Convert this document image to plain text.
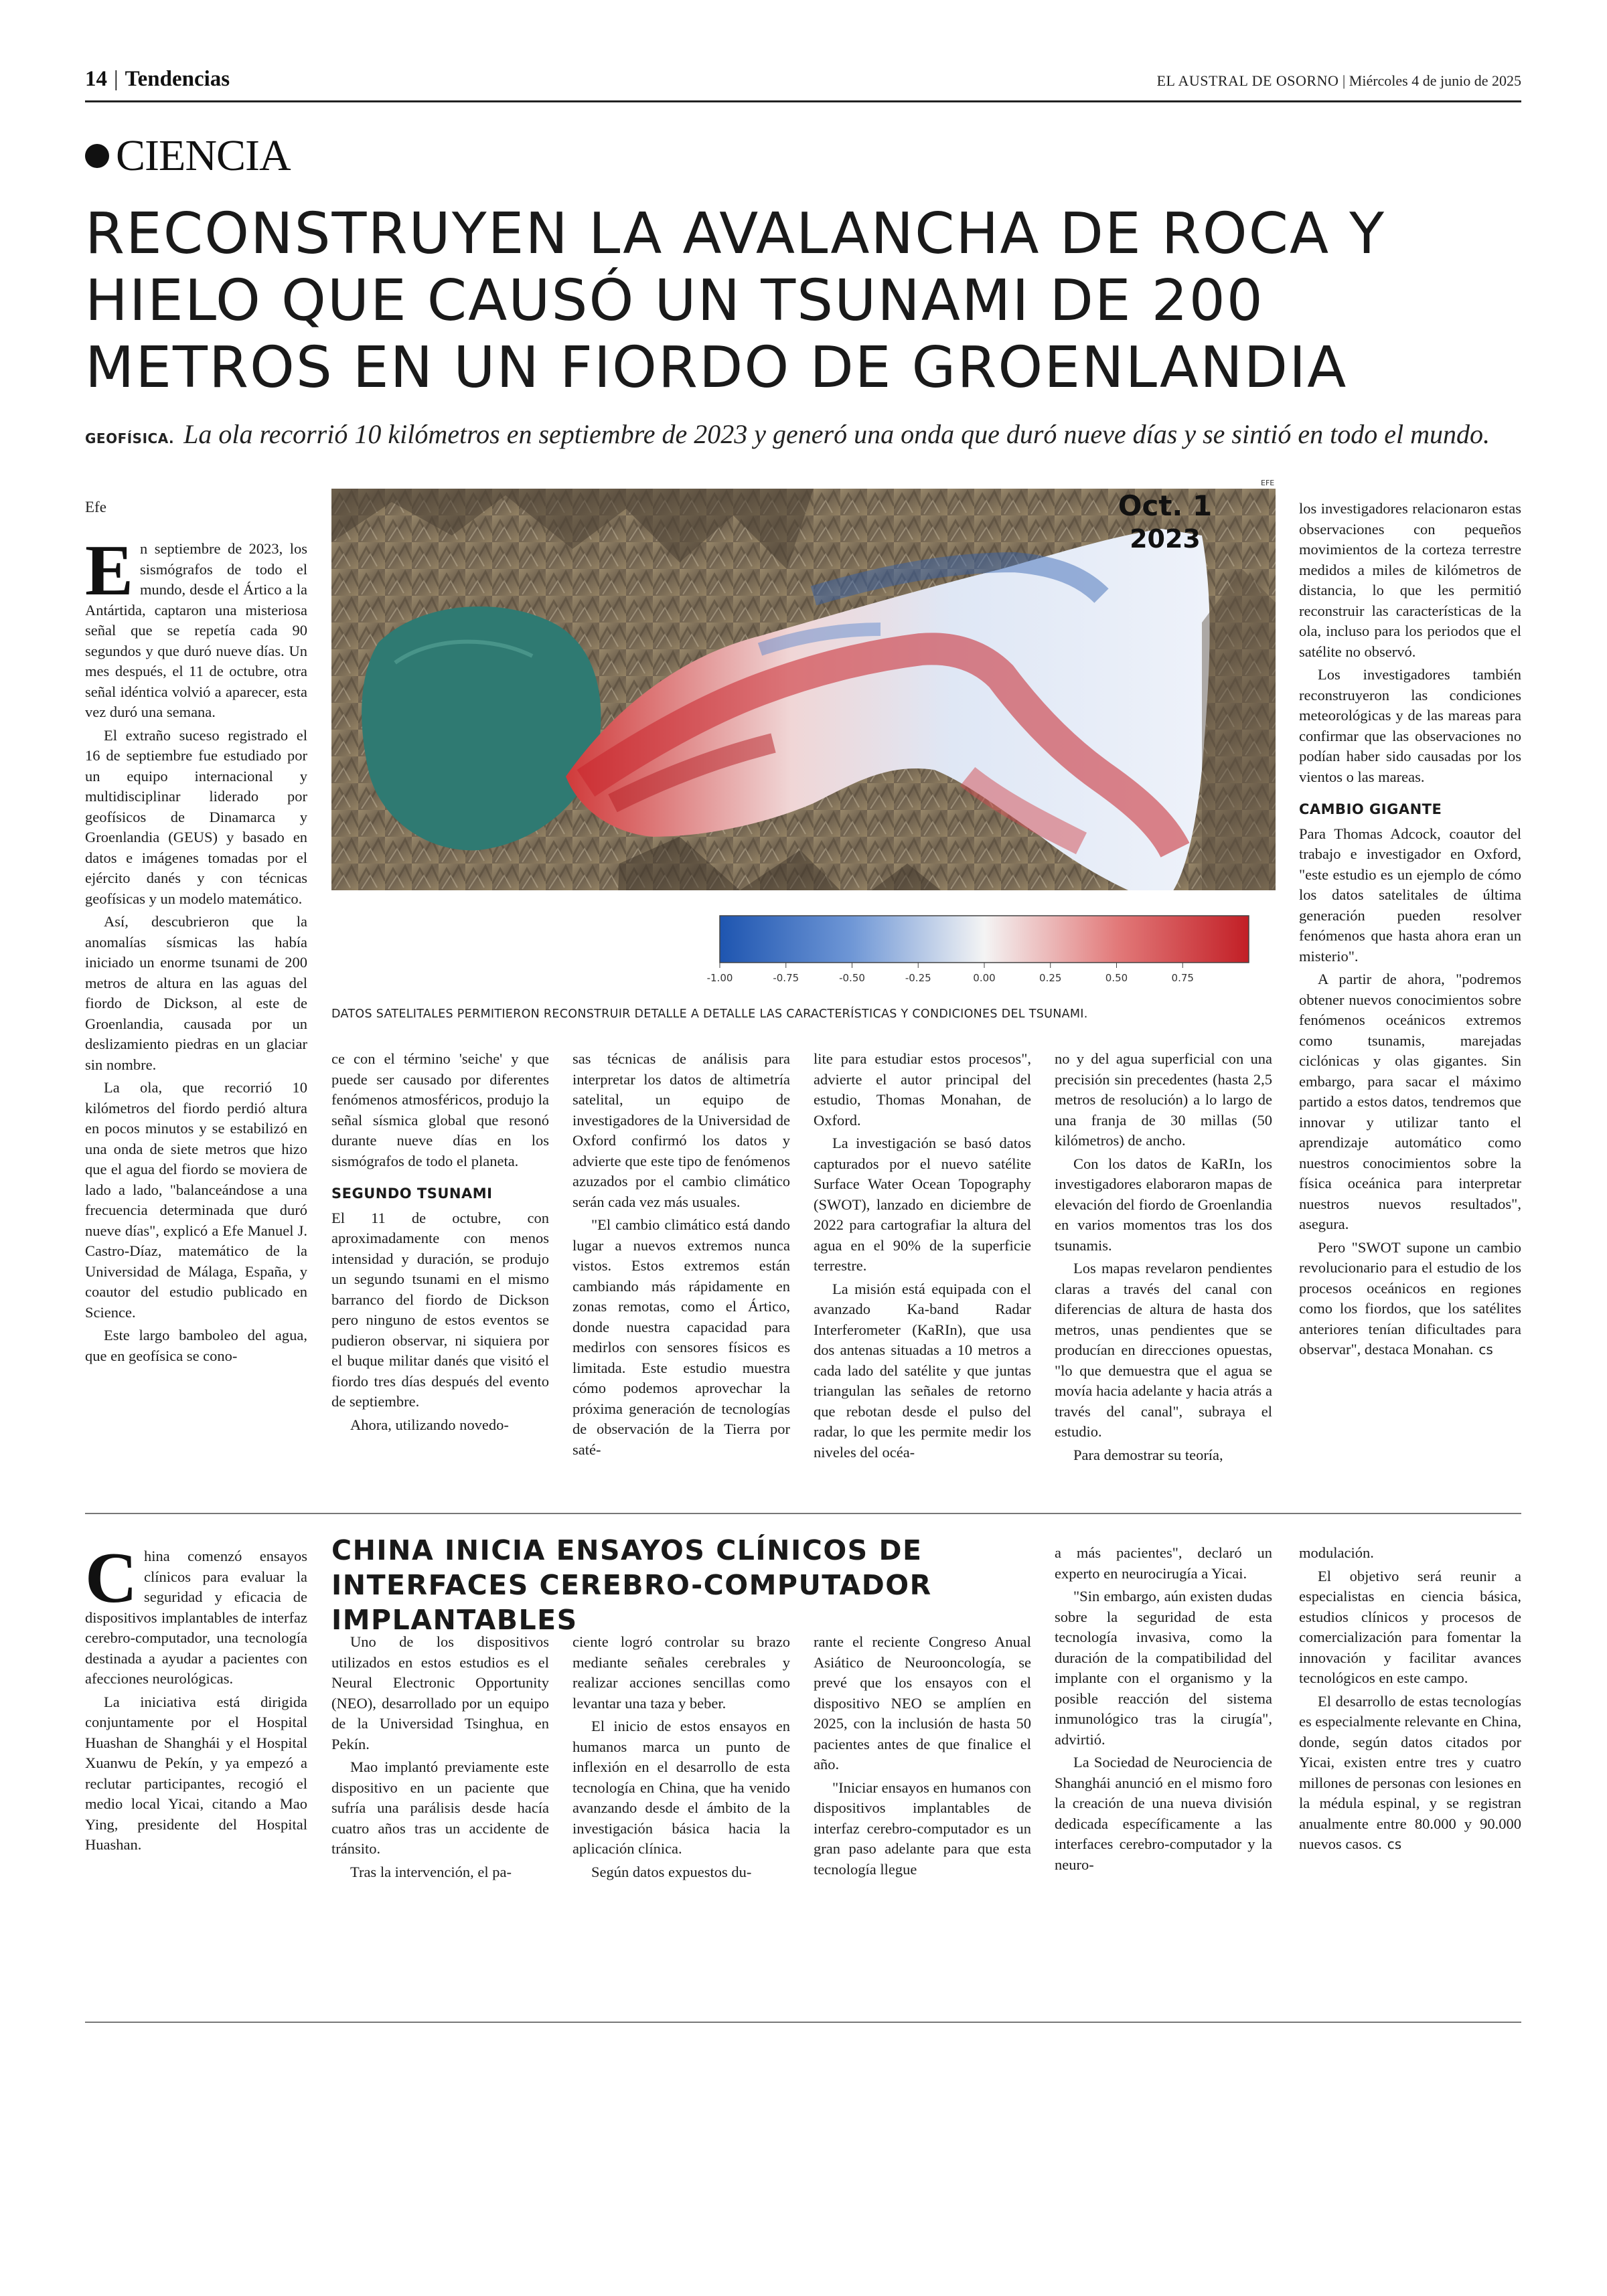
14 | Tendencias	EL AUSTRAL DE OSORNO | Miércoles 4 de junio de 2025
CIENCIA
RECONSTRUYEN LA AVALANCHA DE ROCA Y HIELO QUE CAUSÓ UN TSUNAMI DE 200 METROS EN UN FIORDO DE GROENLANDIA
GEOFÍSICA. La ola recorrió 10 kilómetros en septiembre de 2023 y generó una onda que duró nueve días y se sintió en todo el mundo.
Efe
EFE
Oct. 1
2023
-1.00	-0.75	-0.50	-0.25	0.00	0.25	0.50	0.75
DATOS SATELITALES PERMITIERON RECONSTRUIR DETALLE A DETALLE LAS CARACTERÍSTICAS Y CONDICIONES DEL TSUNAMI.

En septiembre de 2023, los sismógrafos de todo el mundo, desde el Ártico a la Antártida, captaron una misteriosa señal que se repetía cada 90 segundos y que duró nueve días. Un mes después, el 11 de octubre, otra señal idéntica volvió a aparecer, esta vez duró una semana.

El extraño suceso registrado el 16 de septiembre fue estudiado por un equipo internacional y multidisciplinar liderado por geofísicos de Dinamarca y Groenlandia (GEUS) y basado en datos e imágenes tomadas por el ejército danés y con técnicas geofísicas y un modelo matemático.

Así, descubrieron que la anomalías sísmicas las había iniciado un enorme tsunami de 200 metros de altura en las aguas del fiordo de Dickson, al este de Groenlandia, causada por un deslizamiento piedras en un glaciar sin nombre.

La ola, que recorrió 10 kilómetros del fiordo perdió altura en pocos minutos y se estabilizó en una onda de siete metros que hizo que el agua del fiordo se moviera de lado a lado, "balanceándose a una frecuencia determinada que duró nueve días", explicó a Efe Manuel J. Castro-Díaz, matemático de la Universidad de Málaga, España, y coautor del estudio publicado en Science.

Este largo bamboleo del agua, que en geofísica se cono-

ce con el término 'seiche' y que puede ser causado por diferentes fenómenos atmosféricos, produjo la señal sísmica global que resonó durante nueve días en los sismógrafos de todo el planeta.

SEGUNDO TSUNAMI

El 11 de octubre, con aproximadamente con menos intensidad y duración, se produjo un segundo tsunami en el mismo barranco del fiordo de Dickson pero ninguno de estos eventos se pudieron observar, ni siquiera por el buque militar danés que visitó el fiordo tres días después del evento de septiembre.

Ahora, utilizando novedo-

sas técnicas de análisis para interpretar los datos de altimetría satelital, un equipo de investigadores de la Universidad de Oxford confirmó los datos y advierte que este tipo de fenómenos azuzados por el cambio climático serán cada vez más usuales.

"El cambio climático está dando lugar a nuevos extremos nunca vistos. Estos extremos están cambiando más rápidamente en zonas remotas, como el Ártico, donde nuestra capacidad para medirlos con sensores físicos es limitada. Este estudio muestra cómo podemos aprovechar la próxima generación de tecnologías de observación de la Tierra por saté-

lite para estudiar estos procesos", advierte el autor principal del estudio, Thomas Monahan, de Oxford.

La investigación se basó datos capturados por el nuevo satélite Surface Water Ocean Topography (SWOT), lanzado en diciembre de 2022 para cartografiar la altura del agua en el 90% de la superficie terrestre.

La misión está equipada con el avanzado Ka-band Radar Interferometer (KaRIn), que usa dos antenas situadas a 10 metros a cada lado del satélite y que juntas triangulan las señales de retorno que rebotan desde el pulso del radar, lo que les permite medir los niveles del océa-

no y del agua superficial con una precisión sin precedentes (hasta 2,5 metros de resolución) a lo largo de una franja de 30 millas (50 kilómetros) de ancho.

Con los datos de KaRIn, los investigadores elaboraron mapas de elevación del fiordo de Groenlandia en varios momentos tras los dos tsunamis.

Los mapas revelaron pendientes claras a través del canal con diferencias de altura de hasta dos metros, unas pendientes que se producían en direcciones opuestas, "lo que demuestra que el agua se movía hacia adelante y hacia atrás a través del canal", subraya el estudio.

Para demostrar su teoría,

los investigadores relacionaron estas observaciones con pequeños movimientos de la corteza terrestre medidos a miles de kilómetros de distancia, lo que les permitió reconstruir las características de la ola, incluso para los periodos que el satélite no observó.

Los investigadores también reconstruyeron las condiciones meteorológicas y de las mareas para confirmar que las observaciones no podían haber sido causadas por los vientos o las mareas.

CAMBIO GIGANTE

Para Thomas Adcock, coautor del trabajo e investigador en Oxford, "este estudio es un ejemplo de cómo los datos satelitales de última generación pueden resolver fenómenos que hasta ahora eran un misterio".

A partir de ahora, "podremos obtener nuevos conocimientos sobre fenómenos oceánicos extremos como tsunamis, marejadas ciclónicas y olas gigantes. Sin embargo, para sacar el máximo partido a estos datos, tendremos que innovar y utilizar tanto el aprendizaje automático como nuestros conocimientos sobre la física oceánica para interpretar nuestros nuevos resultados", asegura.

Pero "SWOT supone un cambio revolucionario para el estudio de los procesos oceánicos en regiones como los fiordos, que los satélites anteriores tenían dificultades para observar", destaca Monahan. cs

CHINA INICIA ENSAYOS CLÍNICOS DE INTERFACES CEREBRO-COMPUTADOR IMPLANTABLES

China comenzó ensayos clínicos para evaluar la seguridad y eficacia de dispositivos implantables de interfaz cerebro-computador, una tecnología destinada a ayudar a pacientes con afecciones neurológicas.

La iniciativa está dirigida conjuntamente por el Hospital Huashan de Shanghái y el Hospital Xuanwu de Pekín, y ya empezó a reclutar participantes, recogió el medio local Yicai, citando a Mao Ying, presidente del Hospital Huashan.

Uno de los dispositivos utilizados en estos estudios es el Neural Electronic Opportunity (NEO), desarrollado por un equipo de la Universidad Tsinghua, en Pekín.

Mao implantó previamente este dispositivo en un paciente que sufría una parálisis desde hacía cuatro años tras un accidente de tránsito.

Tras la intervención, el pa-

ciente logró controlar su brazo mediante señales cerebrales y realizar acciones sencillas como levantar una taza y beber.

El inicio de estos ensayos en humanos marca un punto de inflexión en el desarrollo de esta tecnología en China, que ha venido avanzando desde el ámbito de la investigación básica hacia la aplicación clínica.

Según datos expuestos du-

rante el reciente Congreso Anual Asiático de Neurooncología, se prevé que los ensayos con el dispositivo NEO se amplíen en 2025, con la inclusión de hasta 50 pacientes antes de que finalice el año.

"Iniciar ensayos en humanos con dispositivos implantables de interfaz cerebro-computador es un gran paso adelante para que esta tecnología llegue

a más pacientes", declaró un experto en neurocirugía a Yicai.

"Sin embargo, aún existen dudas sobre la seguridad de esta tecnología invasiva, como la duración de la compatibilidad del implante con el organismo y la posible reacción del sistema inmunológico tras la cirugía", advirtió.

La Sociedad de Neurociencia de Shanghái anunció en el mismo foro la creación de una nueva división dedicada específicamente a las interfaces cerebro-computador y la neuro-

modulación.

El objetivo será reunir a especialistas en ciencia básica, estudios clínicos y procesos de comercialización para fomentar la innovación y facilitar avances tecnológicos en este campo.

El desarrollo de estas tecnologías es especialmente relevante en China, donde, según datos citados por Yicai, existen entre tres y cuatro millones de personas con lesiones en la médula espinal, y se registran anualmente entre 80.000 y 90.000 nuevos casos. cs
